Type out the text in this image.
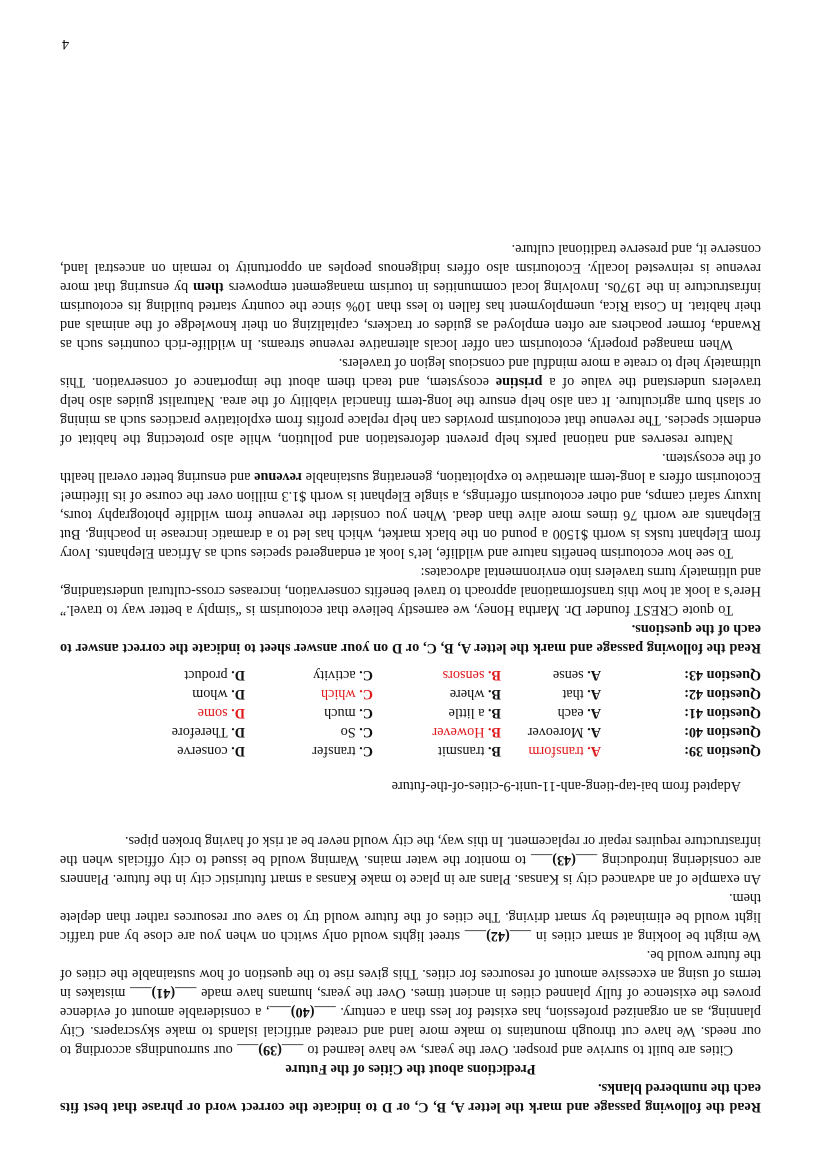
Read the following passage and mark the letter A, B, C, or D to indicate the correct word or phrase that best fits each the numbered blanks.

Predictions about the Cities of the Future

Cities are built to survive and prosper. Over the years, we have learned to ___(39)___ our surroundings according to our needs. We have cut through mountains to make more land and created artificial islands to make skyscrapers. City planning, as an organized profession, has existed for less than a century. ___(40)___, a considerable amount of evidence proves the existence of fully planned cities in ancient times. Over the years, humans have made ___(41)___ mistakes in terms of using an excessive amount of resources for cities. This gives rise to the question of how sustainable the cities of the future would be.

We might be looking at smart cities in ___(42)___ street lights would only switch on when you are close by and traffic light would be eliminated by smart driving. The cities of the future would try to save our resources rather than deplete them.

An example of an advanced city is Kansas. Plans are in place to make Kansas a smart futuristic city in the future. Planners are considering introducing ___(43)___ to monitor the water mains. Warning would be issued to city officials when the infrastructure requires repair or replacement. In this way, the city would never be at risk of having broken pipes.

Adapted from bai-tap-tieng-anh-11-unit-9-cities-of-the-future

Question 39:	A. transform	B. transmit	C. transfer	D. conserve
Question 40:	A. Moreover	B. However	C. So	D. Therefore
Question 41:	A. each	B. a little	C. much	D. some
Question 42:	A. that	B. where	C. which	D. whom
Question 43:	A. sense	B. sensors	C. activity	D. product

Read the following passage and mark the letter A, B, C, or D on your answer sheet to indicate the correct answer to each of the questions.

To quote CREST founder Dr. Martha Honey, we earnestly believe that ecotourism is “simply a better way to travel.” Here’s a look at how this transformational approach to travel benefits conservation, increases cross-cultural understanding, and ultimately turns travelers into environmental advocates:

To see how ecotourism benefits nature and wildlife, let’s look at endangered species such as African Elephants. Ivory from Elephant tusks is worth $1500 a pound on the black market, which has led to a dramatic increase in poaching. But Elephants are worth 76 times more alive than dead. When you consider the revenue from wildlife photography tours, luxury safari camps, and other ecotourism offerings, a single Elephant is worth $1.3 million over the course of its lifetime! Ecotourism offers a long-term alternative to exploitation, generating sustainable revenue and ensuring better overall health of the ecosystem.

Nature reserves and national parks help prevent deforestation and pollution, while also protecting the habitat of endemic species. The revenue that ecotourism provides can help replace profits from exploitative practices such as mining or slash burn agriculture. It can also help ensure the long-term financial viability of the area. Naturalist guides also help travelers understand the value of a pristine ecosystem, and teach them about the importance of conservation. This ultimately help to create a more mindful and conscious legion of travelers.

When managed properly, ecotourism can offer locals alternative revenue streams. In wildlife-rich countries such as Rwanda, former poachers are often employed as guides or trackers, capitalizing on their knowledge of the animals and their habitat. In Costa Rica, unemployment has fallen to less than 10% since the country started building its ecotourism infrastructure in the 1970s. Involving local communities in tourism management empowers them by ensuring that more revenue is reinvested locally. Ecotourism also offers indigenous peoples an opportunity to remain on ancestral land, conserve it, and preserve traditional culture.

4
